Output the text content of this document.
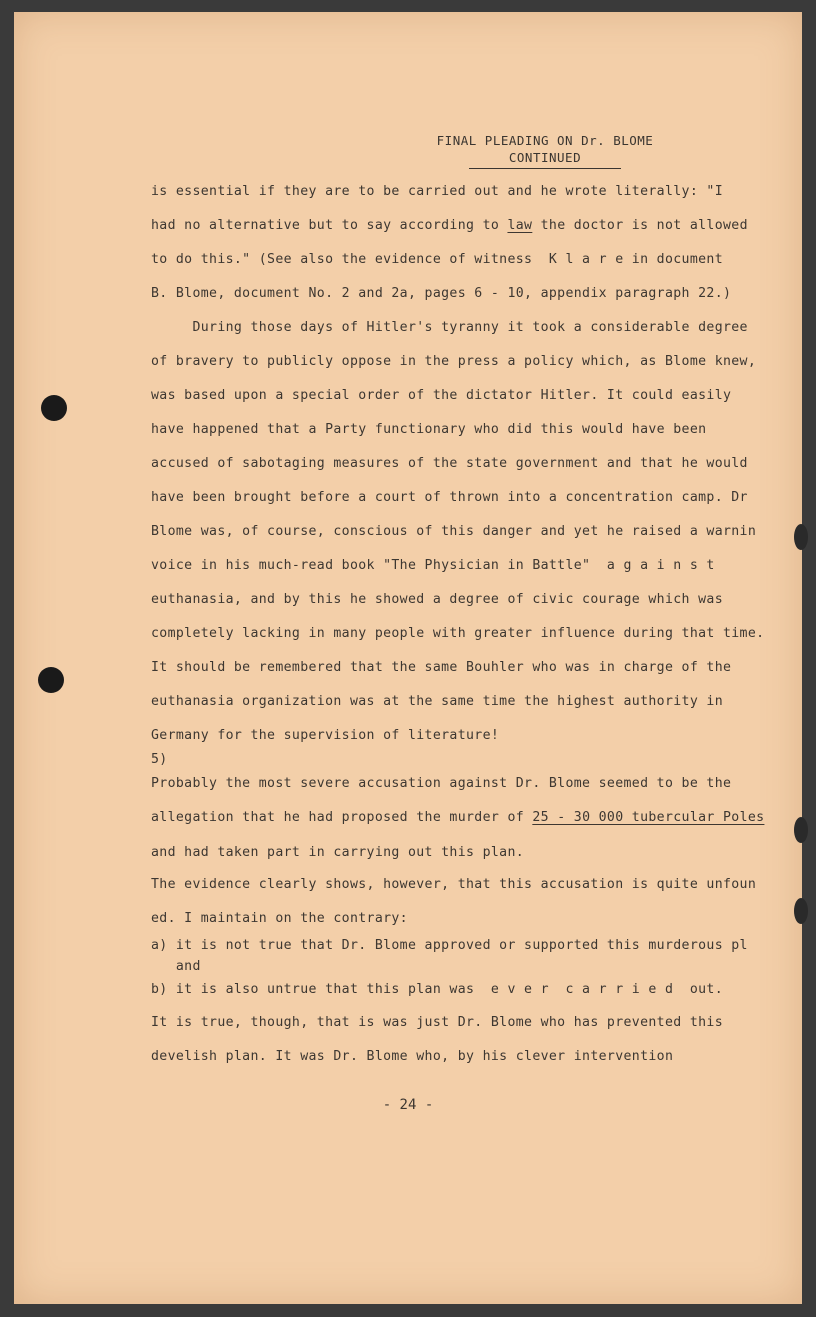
FINAL PLEADING ON Dr. BLOME
CONTINUED
is essential if they are to be carried out and he wrote literally: "I
had no alternative but to say according to law the doctor is not allowed
to do this." (See also the evidence of witness  K l a r e in document
B. Blome, document No. 2 and 2a, pages 6 - 10, appendix paragraph 22.)
During those days of Hitler's tyranny it took a considerable degree
of bravery to publicly oppose in the press a policy which, as Blome knew,
was based upon a special order of the dictator Hitler. It could easily
have happened that a Party functionary who did this would have been
accused of sabotaging measures of the state government and that he would
have been brought before a court of thrown into a concentration camp. Dr
Blome was, of course, conscious of this danger and yet he raised a warnin
voice in his much-read book "The Physician in Battle"  a g a i n s t
euthanasia, and by this he showed a degree of civic courage which was
completely lacking in many people with greater influence during that time.
It should be remembered that the same Bouhler who was in charge of the
euthanasia organization was at the same time the highest authority in
Germany for the supervision of literature!
5)
Probably the most severe accusation against Dr. Blome seemed to be the
allegation that he had proposed the murder of 25 - 30 000 tubercular Poles
and had taken part in carrying out this plan.
The evidence clearly shows, however, that this accusation is quite unfoun
ed. I maintain on the contrary:
a) it is not true that Dr. Blome approved or supported this murderous pl
and
b) it is also untrue that this plan was  e v e r  c a r r i e d  out.
It is true, though, that is was just Dr. Blome who has prevented this
develish plan. It was Dr. Blome who, by his clever intervention
- 24 -
